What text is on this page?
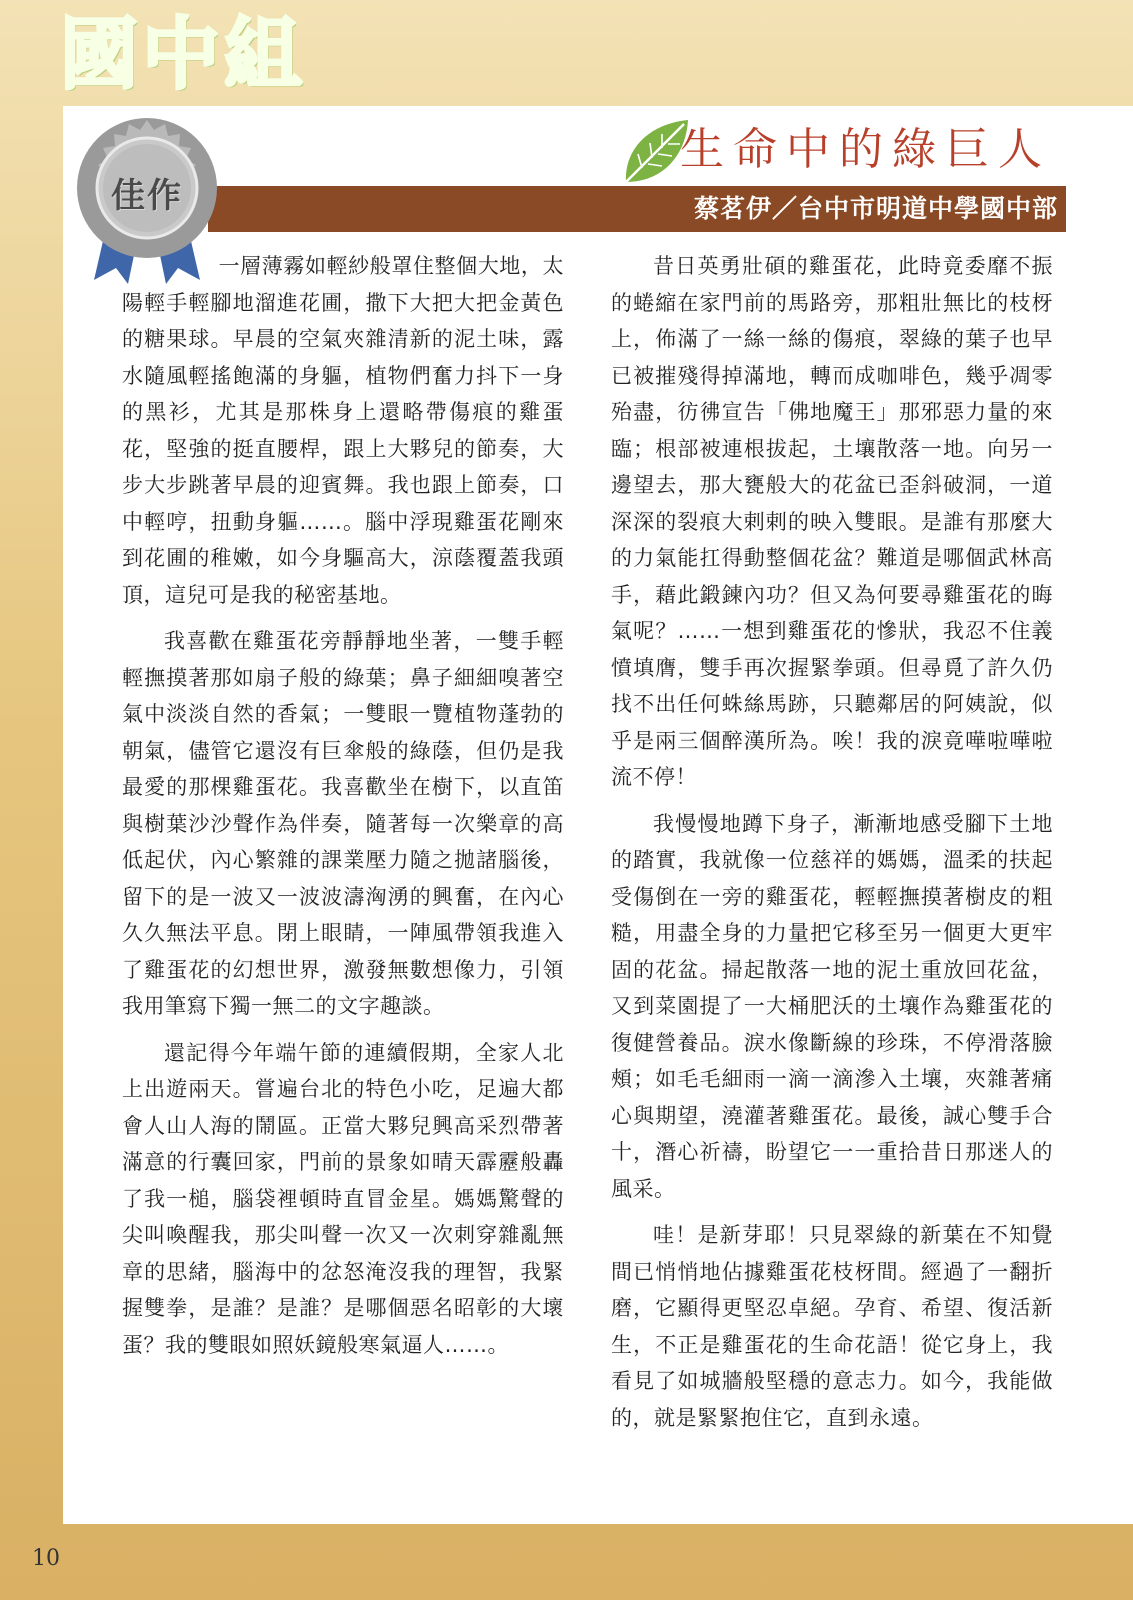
國中組
蔡茗伊／台中市明道中學國中部
生命中的綠巨人
佳作

一層薄霧如輕紗般罩住整個大地，太陽輕手輕腳地溜進花圃，撒下大把大把金黃色的糖果球。早晨的空氣夾雜清新的泥土味，露水隨風輕搖飽滿的身軀，植物們奮力抖下一身的黑衫，尤其是那株身上還略帶傷痕的雞蛋花，堅強的挺直腰桿，跟上大夥兒的節奏，大步大步跳著早晨的迎賓舞。我也跟上節奏，口中輕哼，扭動身軀……。腦中浮現雞蛋花剛來到花圃的稚嫩，如今身驅高大，涼蔭覆蓋我頭頂，這兒可是我的秘密基地。

我喜歡在雞蛋花旁靜靜地坐著，一雙手輕輕撫摸著那如扇子般的綠葉；鼻子細細嗅著空氣中淡淡自然的香氣；一雙眼一覽植物蓬勃的朝氣，儘管它還沒有巨傘般的綠蔭，但仍是我最愛的那棵雞蛋花。我喜歡坐在樹下，以直笛與樹葉沙沙聲作為伴奏，隨著每一次樂章的高低起伏，內心繁雜的課業壓力隨之拋諸腦後，留下的是一波又一波波濤洶湧的興奮，在內心久久無法平息。閉上眼睛，一陣風帶領我進入了雞蛋花的幻想世界，激發無數想像力，引領我用筆寫下獨一無二的文字趣談。

還記得今年端午節的連續假期，全家人北上出遊兩天。嘗遍台北的特色小吃，足遍大都會人山人海的鬧區。正當大夥兒興高采烈帶著滿意的行囊回家，門前的景象如晴天霹靂般轟了我一槌，腦袋裡頓時直冒金星。媽媽驚聲的尖叫喚醒我，那尖叫聲一次又一次刺穿雜亂無章的思緒，腦海中的忿怒淹沒我的理智，我緊握雙拳，是誰？是誰？是哪個惡名昭彰的大壞蛋？我的雙眼如照妖鏡般寒氣逼人……。

昔日英勇壯碩的雞蛋花，此時竟委靡不振的蜷縮在家門前的馬路旁，那粗壯無比的枝枒上，佈滿了一絲一絲的傷痕，翠綠的葉子也早已被摧殘得掉滿地，轉而成咖啡色，幾乎凋零殆盡，彷彿宣告「佛地魔王」那邪惡力量的來臨；根部被連根拔起，土壤散落一地。向另一邊望去，那大甕般大的花盆已歪斜破洞，一道深深的裂痕大剌剌的映入雙眼。是誰有那麼大的力氣能扛得動整個花盆？難道是哪個武林高手，藉此鍛鍊內功？但又為何要尋雞蛋花的晦氣呢？……一想到雞蛋花的慘狀，我忍不住義憤填膺，雙手再次握緊拳頭。但尋覓了許久仍找不出任何蛛絲馬跡，只聽鄰居的阿姨說，似乎是兩三個醉漢所為。唉！我的淚竟嘩啦嘩啦流不停！

我慢慢地蹲下身子，漸漸地感受腳下土地的踏實，我就像一位慈祥的媽媽，溫柔的扶起受傷倒在一旁的雞蛋花，輕輕撫摸著樹皮的粗糙，用盡全身的力量把它移至另一個更大更牢固的花盆。掃起散落一地的泥土重放回花盆，又到菜園提了一大桶肥沃的土壤作為雞蛋花的復健營養品。淚水像斷線的珍珠，不停滑落臉頰；如毛毛細雨一滴一滴滲入土壤，夾雜著痛心與期望，澆灌著雞蛋花。最後，誠心雙手合十，潛心祈禱，盼望它一一重拾昔日那迷人的風采。

哇！是新芽耶！只見翠綠的新葉在不知覺間已悄悄地佔據雞蛋花枝枒間。經過了一翻折磨，它顯得更堅忍卓絕。孕育、希望、復活新生，不正是雞蛋花的生命花語！從它身上，我看見了如城牆般堅穩的意志力。如今，我能做的，就是緊緊抱住它，直到永遠。

10
